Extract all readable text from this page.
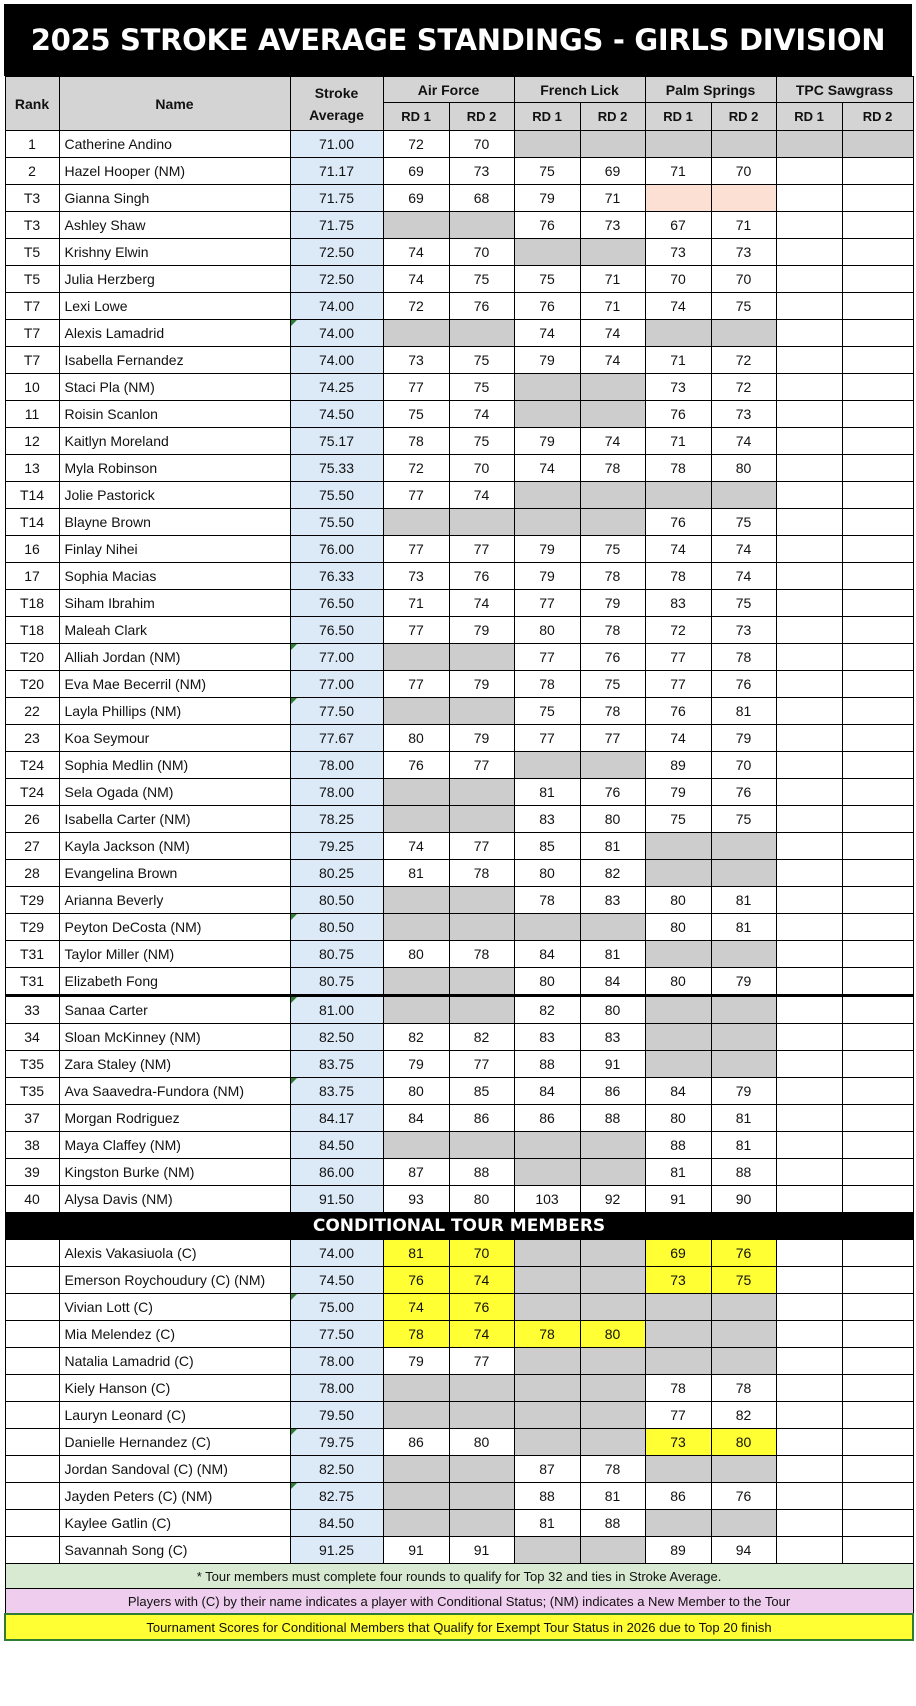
2025 STROKE AVERAGE STANDINGS - GIRLS DIVISION
Rank	Name	Stroke Average	Air Force		French Lick		Palm Springs		TPC Sawgrass	
			RD 1	RD 2	RD 1	RD 2	RD 1	RD 2	RD 1	RD 2
1	Catherine Andino	71.00	72	70						
2	Hazel Hooper (NM)	71.17	69	73	75	69	71	70		
T3	Gianna Singh	71.75	69	68	79	71				
T3	Ashley Shaw	71.75			76	73	67	71		
T5	Krishny Elwin	72.50	74	70			73	73		
T5	Julia Herzberg	72.50	74	75	75	71	70	70		
T7	Lexi Lowe	74.00	72	76	76	71	74	75		
T7	Alexis Lamadrid	74.00			74	74				
T7	Isabella Fernandez	74.00	73	75	79	74	71	72		
10	Staci Pla (NM)	74.25	77	75			73	72		
11	Roisin Scanlon	74.50	75	74			76	73		
12	Kaitlyn Moreland	75.17	78	75	79	74	71	74		
13	Myla Robinson	75.33	72	70	74	78	78	80		
T14	Jolie Pastorick	75.50	77	74						
T14	Blayne Brown	75.50					76	75		
16	Finlay Nihei	76.00	77	77	79	75	74	74		
17	Sophia Macias	76.33	73	76	79	78	78	74		
T18	Siham Ibrahim	76.50	71	74	77	79	83	75		
T18	Maleah Clark	76.50	77	79	80	78	72	73		
T20	Alliah Jordan (NM)	77.00			77	76	77	78		
T20	Eva Mae Becerril (NM)	77.00	77	79	78	75	77	76		
22	Layla Phillips (NM)	77.50			75	78	76	81		
23	Koa Seymour	77.67	80	79	77	77	74	79		
T24	Sophia Medlin (NM)	78.00	76	77			89	70		
T24	Sela Ogada (NM)	78.00			81	76	79	76		
26	Isabella Carter (NM)	78.25			83	80	75	75		
27	Kayla Jackson (NM)	79.25	74	77	85	81				
28	Evangelina Brown	80.25	81	78	80	82				
T29	Arianna Beverly	80.50			78	83	80	81		
T29	Peyton DeCosta (NM)	80.50					80	81		
T31	Taylor Miller (NM)	80.75	80	78	84	81				
T31	Elizabeth Fong	80.75			80	84	80	79		
33	Sanaa Carter	81.00			82	80				
34	Sloan McKinney (NM)	82.50	82	82	83	83				
T35	Zara Staley (NM)	83.75	79	77	88	91				
T35	Ava Saavedra-Fundora (NM)	83.75	80	85	84	86	84	79		
37	Morgan Rodriguez	84.17	84	86	86	88	80	81		
38	Maya Claffey (NM)	84.50					88	81		
39	Kingston Burke (NM)	86.00	87	88			81	88		
40	Alysa Davis (NM)	91.50	93	80	103	92	91	90		
CONDITIONAL TOUR MEMBERS										
	Alexis Vakasiuola (C)	74.00	81	70			69	76		
	Emerson Roychoudury (C) (NM)	74.50	76	74			73	75		
	Vivian Lott (C)	75.00	74	76						
	Mia Melendez (C)	77.50	78	74	78	80				
	Natalia Lamadrid (C)	78.00	79	77						
	Kiely Hanson (C)	78.00					78	78		
	Lauryn Leonard (C)	79.50					77	82		
	Danielle Hernandez (C)	79.75	86	80			73	80		
	Jordan Sandoval (C) (NM)	82.50			87	78				
	Jayden Peters (C) (NM)	82.75			88	81	86	76		
	Kaylee Gatlin (C)	84.50			81	88				
	Savannah Song (C)	91.25	91	91			89	94		
* Tour members must complete four rounds to qualify for Top 32 and ties in Stroke Average.										
Players with (C) by their name indicates a player with Conditional Status; (NM) indicates a New Member to the Tour										
Tournament Scores for Conditional Members that Qualify for Exempt Tour Status in 2026 due to Top 20 finish										
